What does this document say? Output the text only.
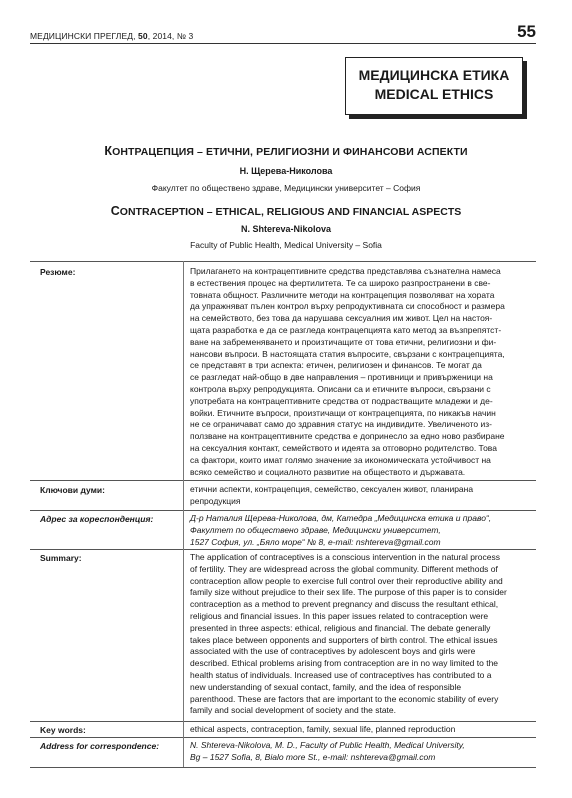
МЕДИЦИНСКИ ПРЕГЛЕД, 50, 2014, № 3	55
МЕДИЦИНСКА ЕТИКА
MEDICAL ETHICS
КОНТРАЦЕПЦИЯ – ЕТИЧНИ, РЕЛИГИОЗНИ И ФИНАНСОВИ АСПЕКТИ
Н. Щерева-Николова
Факултет по обществено здраве, Медицински университет – София
CONTRACEPTION – ETHICAL, RELIGIOUS AND FINANCIAL ASPECTS
N. Shtereva-Nikolova
Faculty of Public Health, Medical University – Sofia
Резюме:	Прилагането на контрацептивните средства представлява съзнателна намеса
в естествения процес на фертилитета. Те са широко разпространени в све-
товната общност. Различните методи на контрацепция позволяват на хората
да упражняват пълен контрол върху репродуктивната си способност и размера
на семейството, без това да нарушава сексуалния им живот. Цел на настоя-
щата разработка е да се разгледа контрацепцията като метод за възпрепятст-
ване на забременяването и произтичащите от това етични, религиозни и фи-
нансови въпроси. В настоящата статия въпросите, свързани с контрацепцията,
се представят в три аспекта: етичен, религиозен и финансов. Те могат да
се разгледат най-общо в две направления – противници и привърженици на
контрола върху репродукцията. Описани са и етичните въпроси, свързани с
употребата на контрацептивните средства от подрастващите младежи и де-
войки. Етичните въпроси, произтичащи от контрацепцията, по никакъв начин
не се ограничават само до здравния статус на индивидите. Увеличеното из-
ползване на контрацептивните средства е допринесло за едно ново разбиране
на сексуалния контакт, семейството и идеята за отговорно родителство. Това
са фактори, които имат голямо значение за икономическата устойчивост на
всяко семейство и социалното развитие на обществото и държавата.
Ключови думи:	етични аспекти, контрацепция, семейство, сексуален живот, планирана
репродукция
Адрес за кореспонденция:	Д-р Наталия Щерева-Николова, дм, Катедра „Медицинска етика и право“,
Факултет по обществено здраве, Медицински университет,
1527 София, ул. „Бяло море“ № 8, e-mail: nshtereva@gmail.com
Summary:	The application of contraceptives is a conscious intervention in the natural process
of fertility. They are widespread across the global community. Different methods of
contraception allow people to exercise full control over their reproductive ability and
family size without prejudice to their sex life. The purpose of this paper is to consider
contraception as a method to prevent pregnancy and discuss the resultant ethical,
religious and financial issues. In this paper issues related to contraception were
presented in three aspects: ethical, religious and financial. The debate generally
takes place between opponents and supporters of birth control. The ethical issues
associated with the use of contraceptives by adolescent boys and girls were
described. Ethical problems arising from contraception are in no way limited to the
health status of individuals. Increased use of contraceptives has contributed to a
new understanding of sexual contact, family, and the idea of responsible
parenthood. These are factors that are important to the economic stability of every
family and social development of society and the state.
Key words:	ethical aspects, contraception, family, sexual life, planned reproduction
Address for correspondence:	N. Shtereva-Nikolova, M. D., Faculty of Public Health, Medical University,
Bg – 1527 Sofia, 8, Bialo more St., e-mail: nshtereva@gmail.com
